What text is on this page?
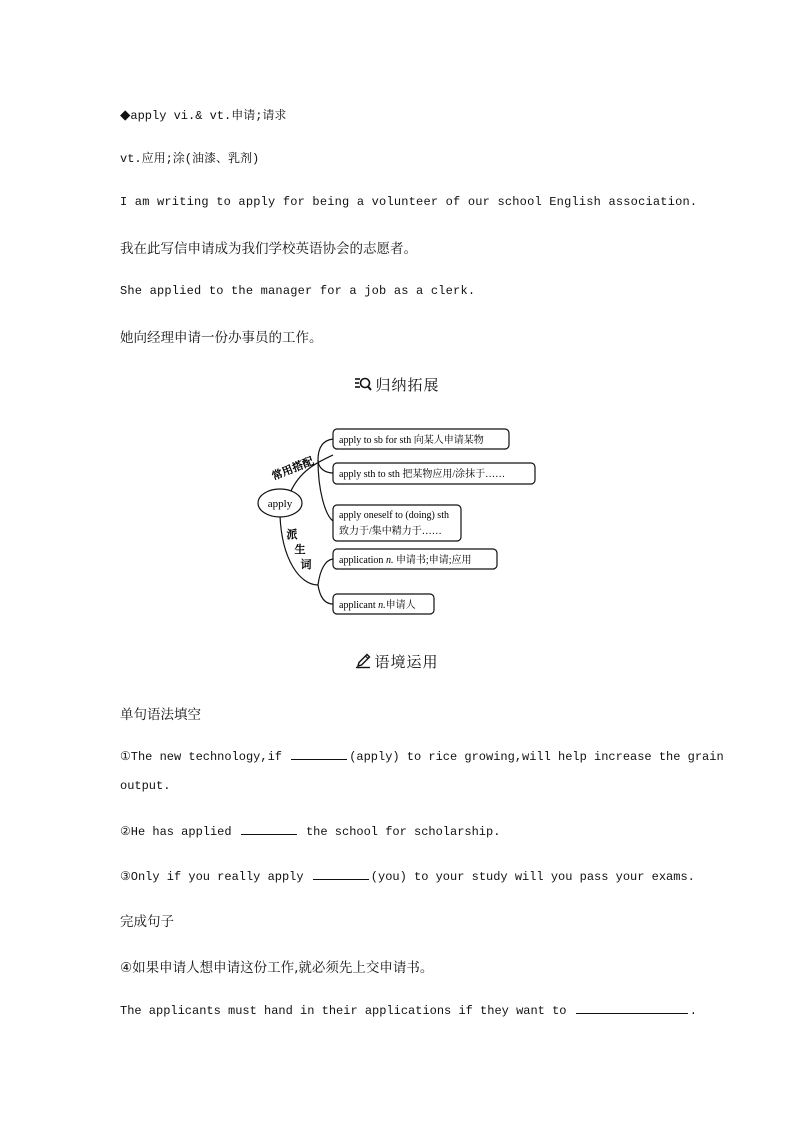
◆apply vi.& vt.申请;请求
vt.应用;涂(油漆、乳剂)
I am writing to apply for being a volunteer of our school English association.
我在此写信申请成为我们学校英语协会的志愿者。
She applied to the manager for a job as a clerk.
她向经理申请一份办事员的工作。
归纳拓展
apply
常用搭配
派
生
词
apply to sb for sth 向某人申请某物
apply sth to sth 把某物应用/涂抹于……
apply oneself to (doing) sth
致力于/集中精力于……
application n. 申请书;申请;应用
applicant n.申请人
语境运用
单句语法填空
①The new technology,if	(apply) to rice growing,will help increase the grain
output.
②He has applied	the school for scholarship.
③Only if you really apply	(you) to your study will you pass your exams.
完成句子
④如果申请人想申请这份工作,就必须先上交申请书。
The applicants must hand in their applications if they want to	.
